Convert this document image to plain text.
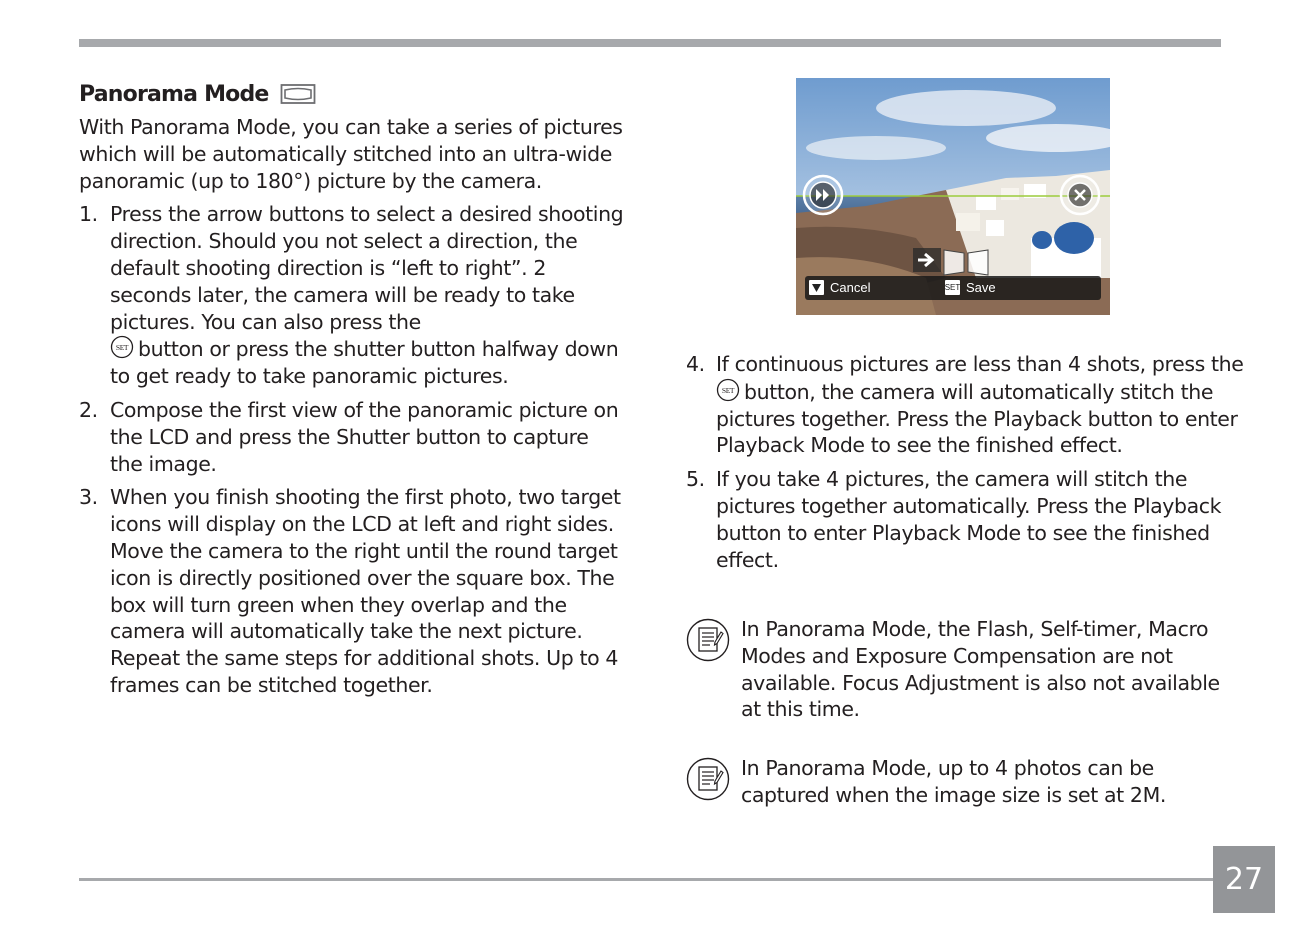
Panorama Mode

With Panorama Mode, you can take a series of pictures which will be automatically stitched into an ultra-wide panoramic (up to 180°) picture by the camera.

1. Press the arrow buttons to select a desired shooting direction. Should you not select a direction, the default shooting direction is “left to right”. 2 seconds later, the camera will be ready to take pictures. You can also press the

SET button or press the shutter button halfway down to get ready to take panoramic pictures.
2. Compose the first view of the panoramic picture on the LCD and press the Shutter button to capture the image.
3. When you finish shooting the first photo, two target icons will display on the LCD at left and right sides. Move the camera to the right until the round target icon is directly positioned over the square box. The box will turn green when they overlap and the camera will automatically take the next picture. Repeat the same steps for additional shots. Up to 4 frames can be stitched together.
Cancel	SET Save
4. If continuous pictures are less than 4 shots, press the
SET button, the camera will automatically stitch the pictures together. Press the Playback button to enter Playback Mode to see the finished effect.
5. If you take 4 pictures, the camera will stitch the pictures together automatically. Press the Playback button to enter Playback Mode to see the finished effect.
In Panorama Mode, the Flash, Self-timer, Macro Modes and Exposure Compensation are not available. Focus Adjustment is also not available at this time.
In Panorama Mode, up to 4 photos can be captured when the image size is set at 2M.
27
